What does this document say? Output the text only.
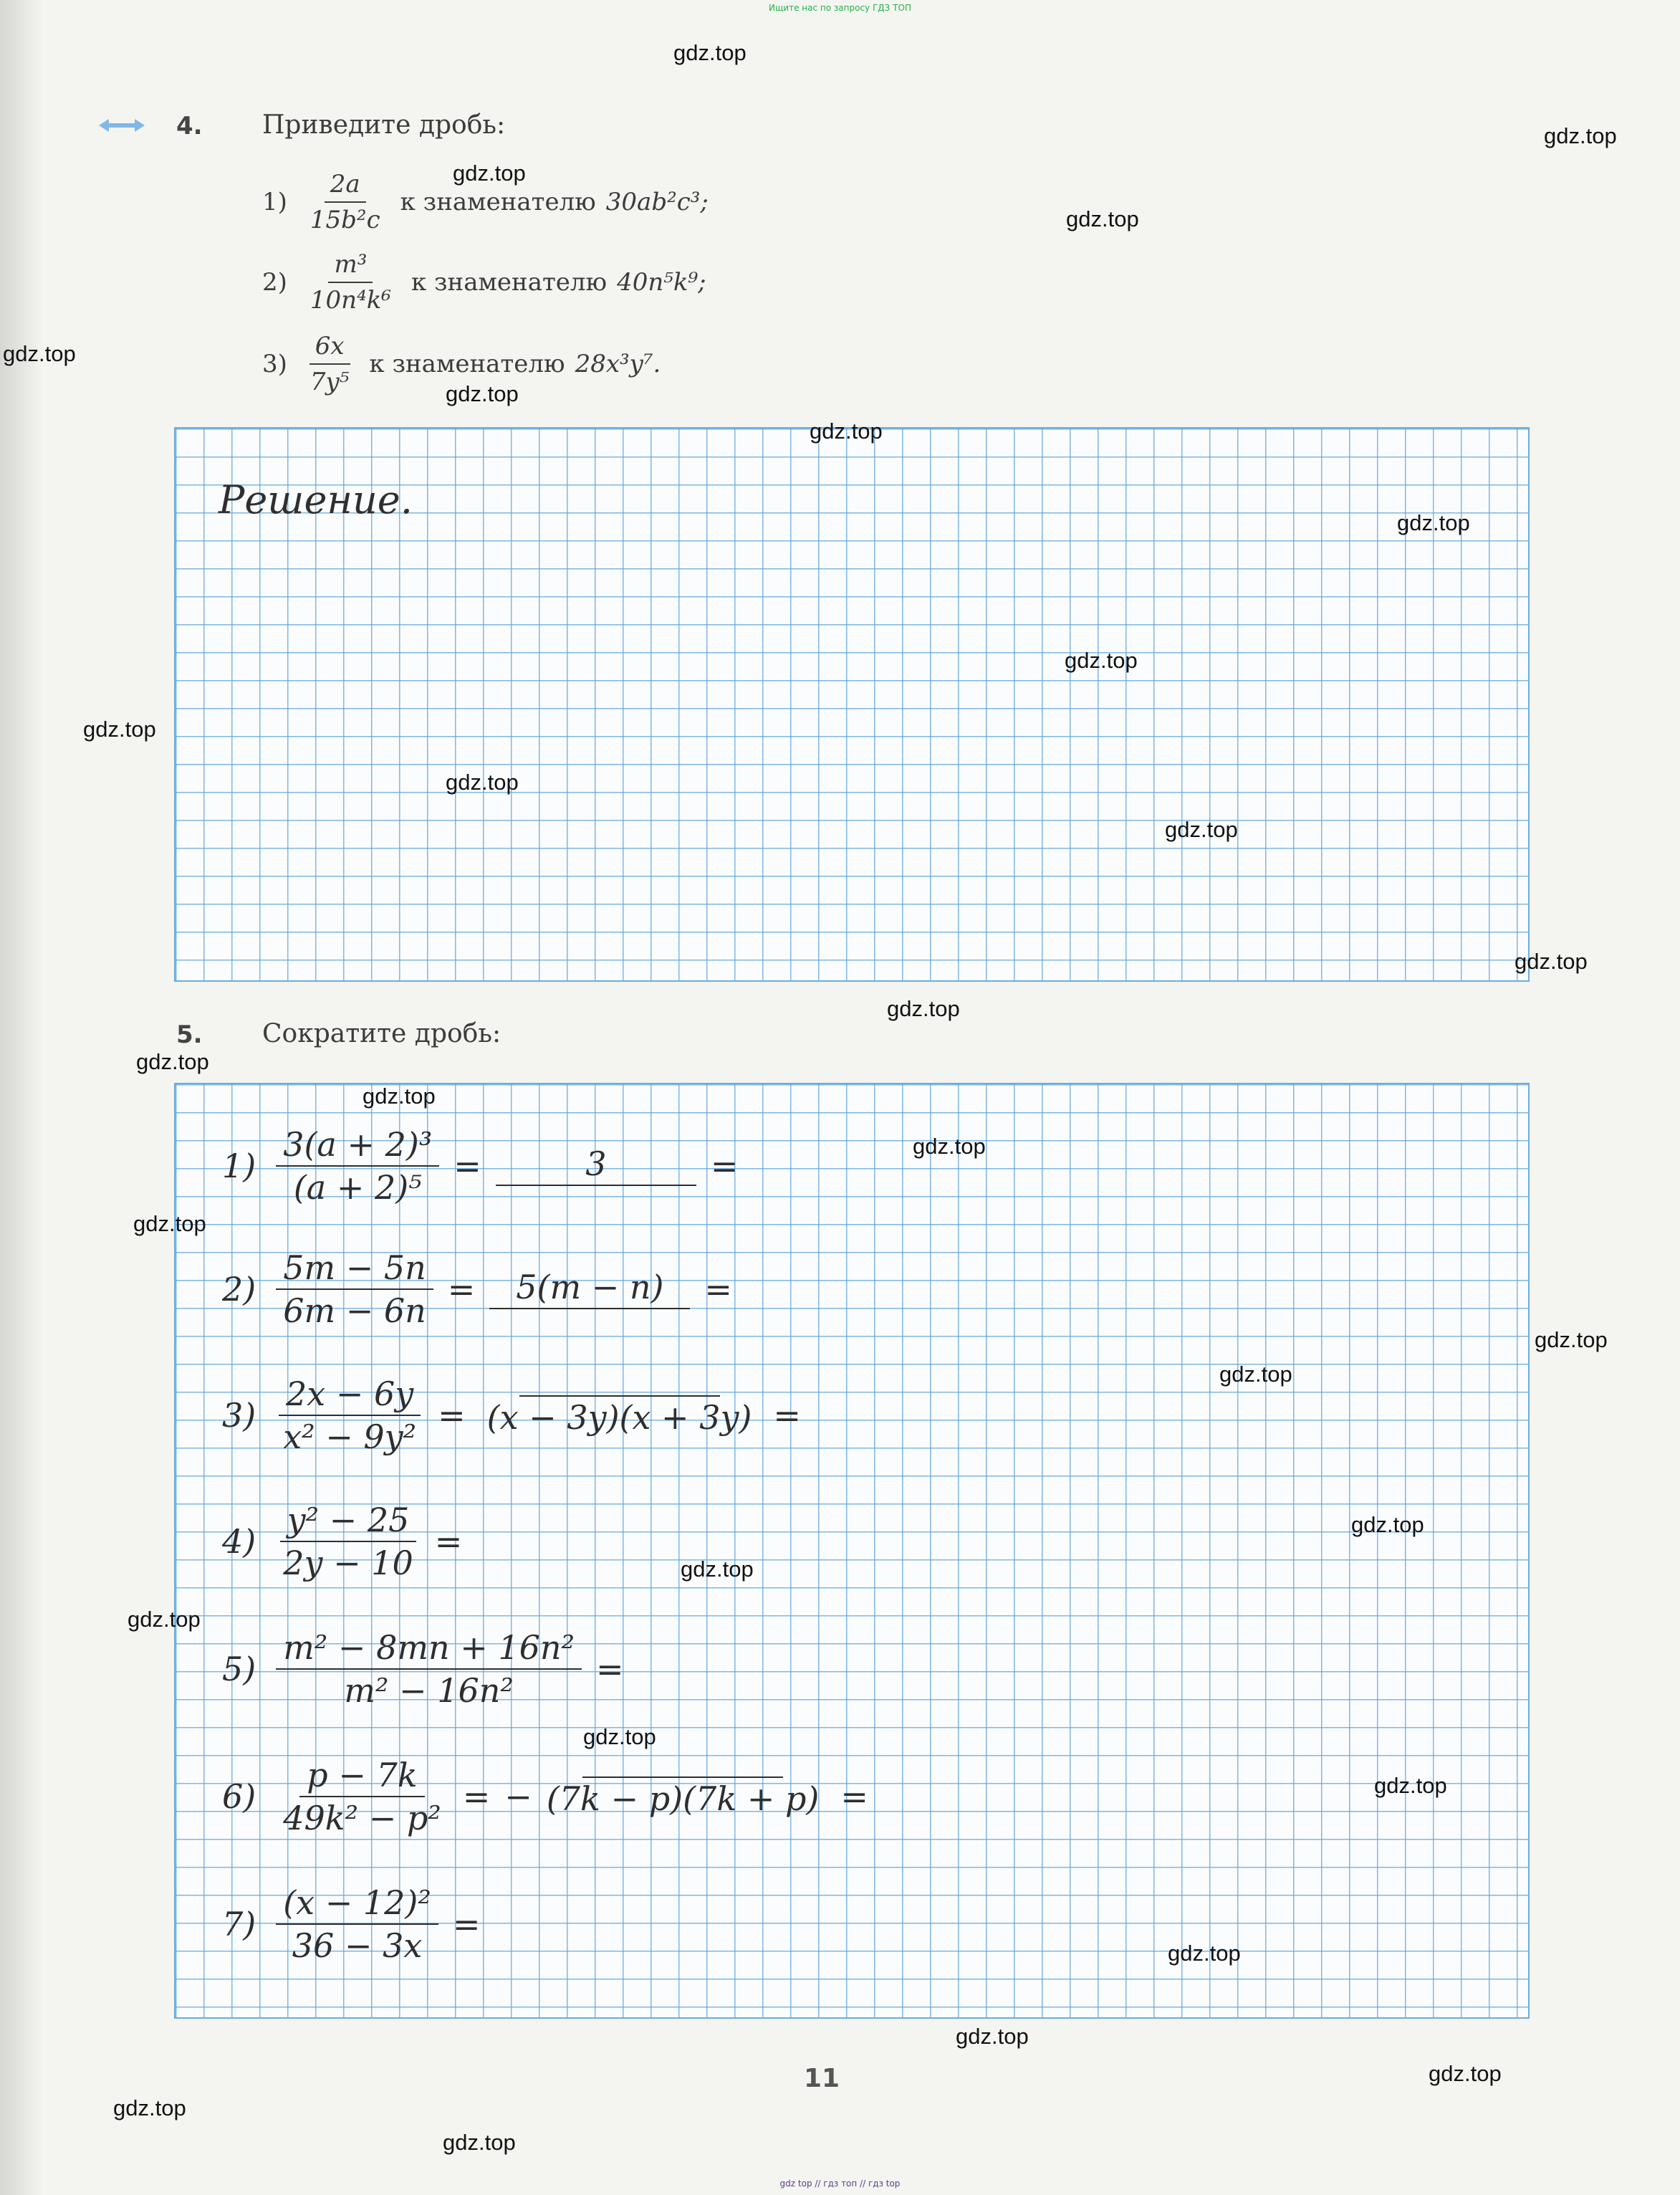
Ищите нас по запросу ГДЗ ТОП
4. Приведите дробь:
$1) \frac{2a}{\text{15b²c}}$ к знаменателю 30ab²c³;
$2) \frac{\text{m³}}{\text{10n⁴k⁶}}$ к знаменателю 40n⁵k⁹;
$3) \frac{6x}{\text{7y⁵}}$ к знаменателю 28x³y⁷.
Решение.
5. Сократите дробь:
$1) \frac{\text{3(a + 2)³}}{\text{(a + 2)⁵}}$ =	3	=
$2) \frac{5m - 5n}{6m - 6n}$ =	5(m − n)	=
$3) \frac{2x - 6y}{\text{x² − 9y²}} = (x - 3y)(x + 3y)$ =
$4) \frac{\text{y² − 25}}{2y - 10}$ =
$5) \frac{\text{m² − 8mn + 16n²}}{\text{m² − 16n²}}$ =
$6) \frac{p - 7k}{\text{49k² − p²}}$ = − (7k − p)(7k + p) =
$7) \frac{\text{(x − 12)²}}{36 - 3x}$ =
11
gdz.top
gdz.top
gdz.top
gdz.top
gdz.top
gdz.top
gdz.top
gdz.top
gdz.top
gdz.top
gdz.top
gdz.top
gdz.top
gdz.top
gdz.top
gdz.top
gdz.top
gdz.top
gdz.top
gdz.top
gdz.top
gdz.top
gdz.top
gdz.top
gdz.top
gdz.top
gdz.top
gdz.top
gdz.top
gdz.top
gdz top // гдз топ // гдз top
